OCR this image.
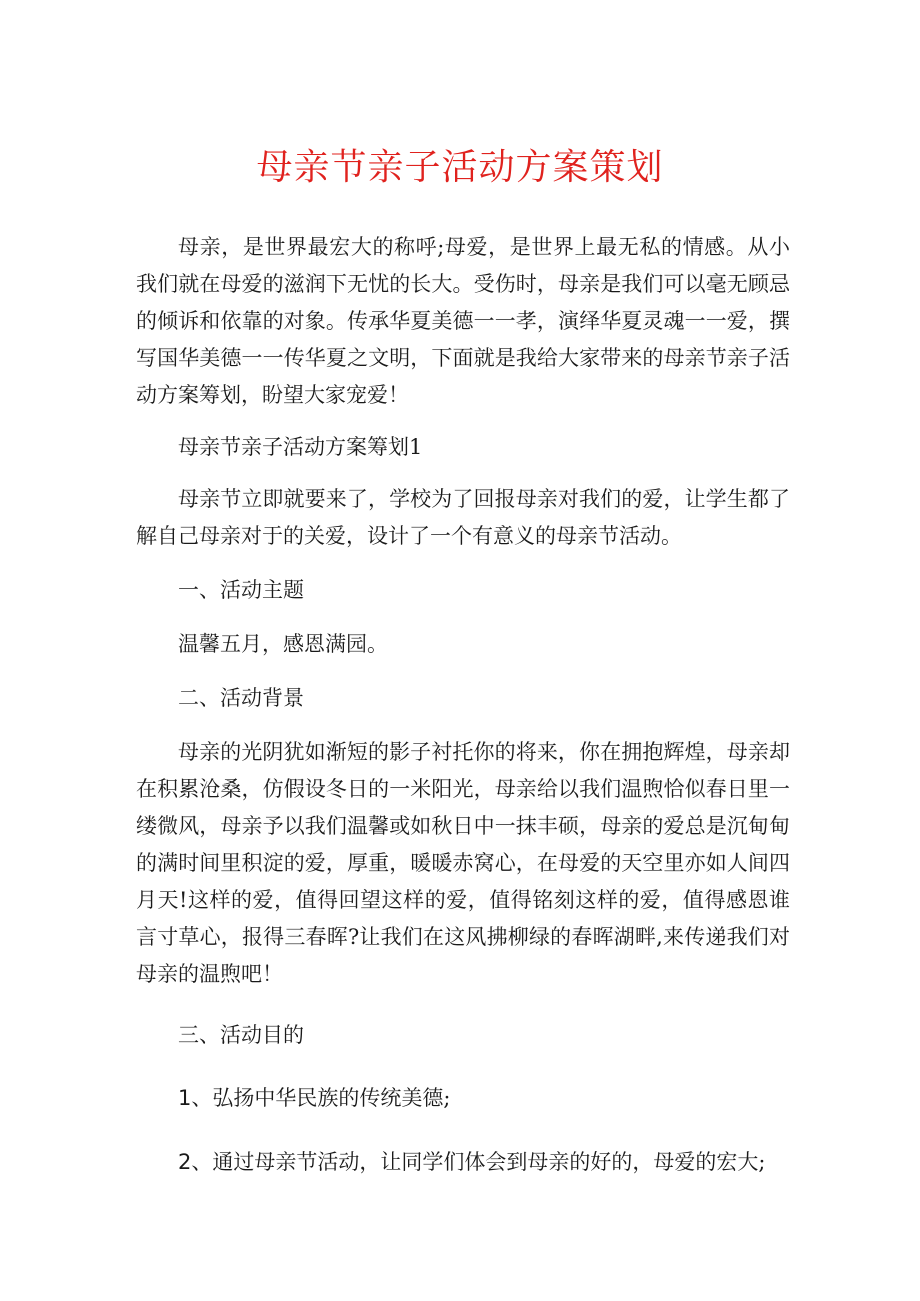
母亲节亲子活动方案策划

母亲，是世界最宏大的称呼;母爱，是世界上最无私的情感。从小我们就在母爱的滋润下无忧的长大。受伤时，母亲是我们可以毫无顾忌的倾诉和依靠的对象。传承华夏美德一一孝，演绎华夏灵魂一一爱，撰写国华美德一一传华夏之文明，下面就是我给大家带来的母亲节亲子活动方案筹划，盼望大家宠爱！

母亲节亲子活动方案筹划1

母亲节立即就要来了，学校为了回报母亲对我们的爱，让学生都了解自己母亲对于的关爱，设计了一个有意义的母亲节活动。

一、活动主题

温馨五月，感恩满园。

二、活动背景

母亲的光阴犹如渐短的影子衬托你的将来，你在拥抱辉煌，母亲却在积累沧桑，仿假设冬日的一米阳光，母亲给以我们温煦恰似春日里一缕微风，母亲予以我们温馨或如秋日中一抹丰硕，母亲的爱总是沉甸甸的满时间里积淀的爱，厚重，暖暖赤窝心，在母爱的天空里亦如人间四月天!这样的爱，值得回望这样的爱，值得铭刻这样的爱，值得感恩谁言寸草心，报得三春晖?让我们在这风拂柳绿的春晖湖畔,来传递我们对母亲的温煦吧！

三、活动目的

1、弘扬中华民族的传统美德;

2、通过母亲节活动，让同学们体会到母亲的好的，母爱的宏大;
